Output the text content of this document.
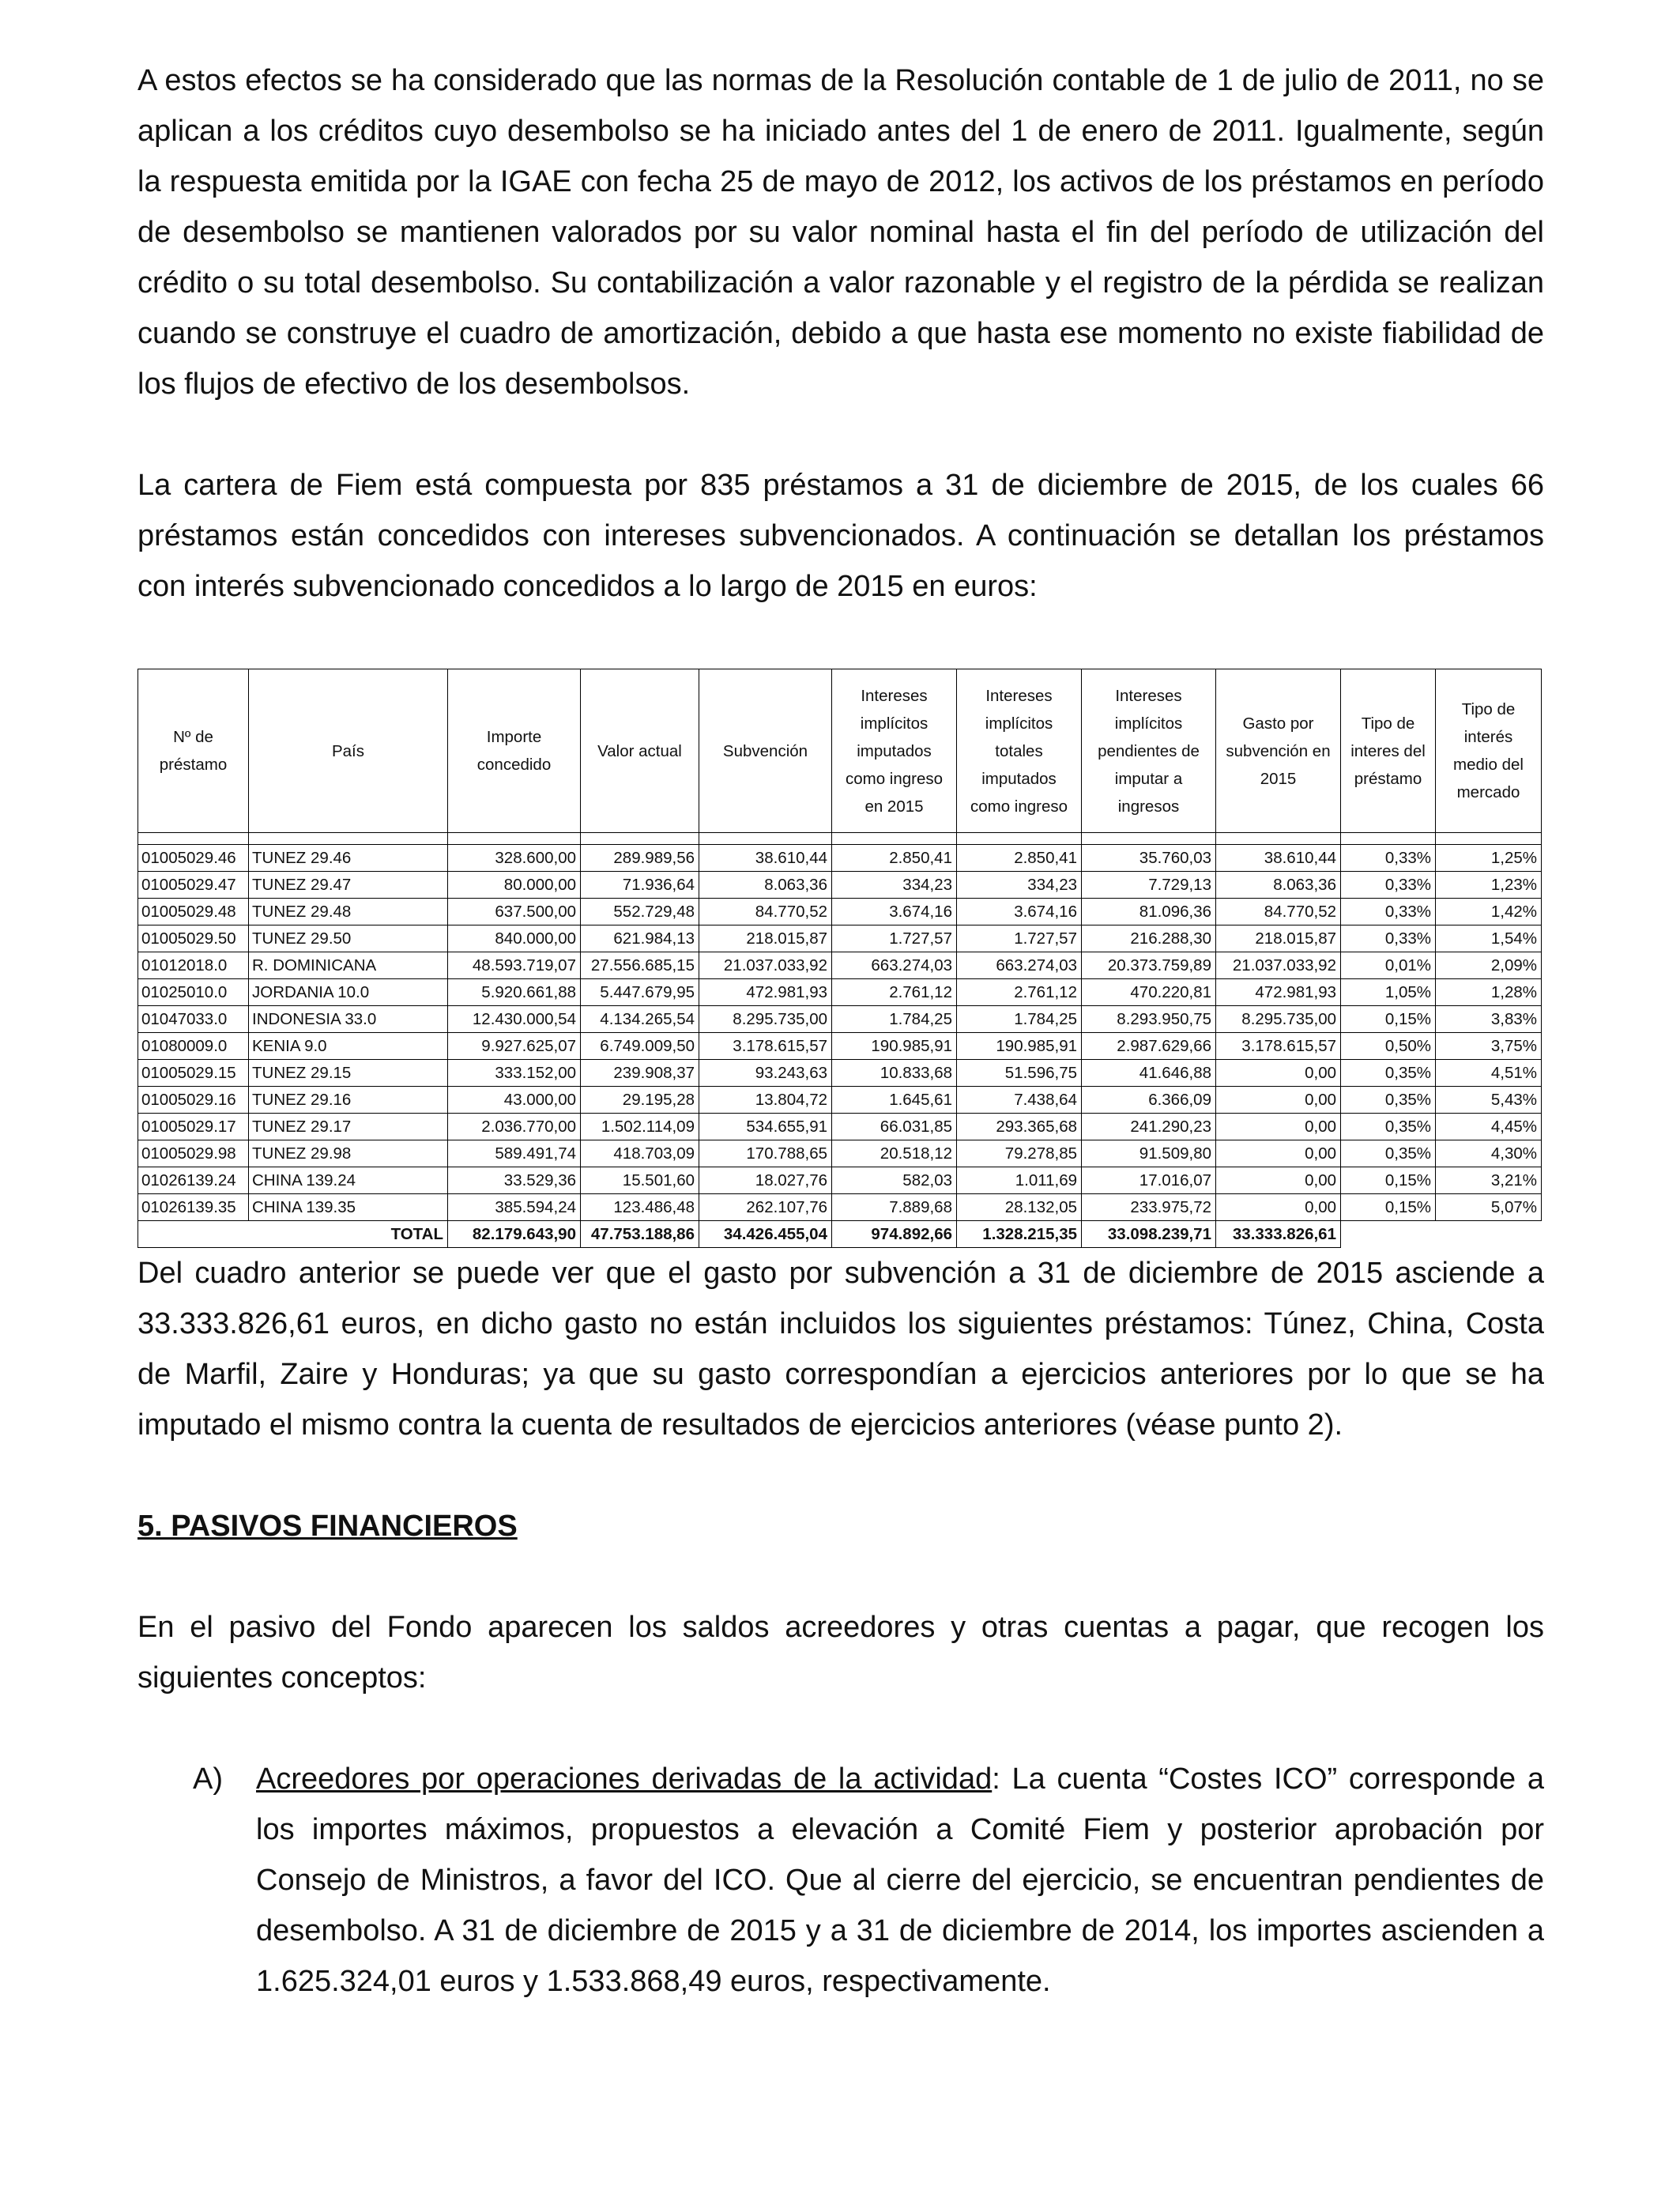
A estos efectos se ha considerado que las normas de la Resolución contable de 1 de julio de 2011, no se aplican a los créditos cuyo desembolso se ha iniciado antes del 1 de enero de 2011. Igualmente, según la respuesta emitida por la IGAE con fecha 25 de mayo de 2012, los activos de los préstamos en período de desembolso se mantienen valorados por su valor nominal hasta el fin del período de utilización del crédito o su total desembolso. Su contabilización a valor razonable y el registro de la pérdida se realizan cuando se construye el cuadro de amortización, debido a que hasta ese momento no existe fiabilidad de los flujos de efectivo de los desembolsos.

La cartera de Fiem está compuesta por 835 préstamos a 31 de diciembre de 2015, de los cuales 66 préstamos están concedidos con intereses subvencionados. A continuación se detallan los préstamos con interés subvencionado concedidos a lo largo de 2015 en euros:

Nº de préstamo	País	Importe concedido	Valor actual	Subvención	Intereses implícitos imputados como ingreso en 2015	Intereses implícitos totales imputados como ingreso	Intereses implícitos pendientes de imputar a ingresos	Gasto por subvención en 2015	Tipo de interes del préstamo	Tipo de interés medio del mercado

01005029.46	TUNEZ 29.46	328.600,00	289.989,56	38.610,44	2.850,41	2.850,41	35.760,03	38.610,44	0,33%	1,25%
01005029.47	TUNEZ 29.47	80.000,00	71.936,64	8.063,36	334,23	334,23	7.729,13	8.063,36	0,33%	1,23%
01005029.48	TUNEZ 29.48	637.500,00	552.729,48	84.770,52	3.674,16	3.674,16	81.096,36	84.770,52	0,33%	1,42%
01005029.50	TUNEZ 29.50	840.000,00	621.984,13	218.015,87	1.727,57	1.727,57	216.288,30	218.015,87	0,33%	1,54%
01012018.0	R. DOMINICANA	48.593.719,07	27.556.685,15	21.037.033,92	663.274,03	663.274,03	20.373.759,89	21.037.033,92	0,01%	2,09%
01025010.0	JORDANIA 10.0	5.920.661,88	5.447.679,95	472.981,93	2.761,12	2.761,12	470.220,81	472.981,93	1,05%	1,28%
01047033.0	INDONESIA 33.0	12.430.000,54	4.134.265,54	8.295.735,00	1.784,25	1.784,25	8.293.950,75	8.295.735,00	0,15%	3,83%
01080009.0	KENIA 9.0	9.927.625,07	6.749.009,50	3.178.615,57	190.985,91	190.985,91	2.987.629,66	3.178.615,57	0,50%	3,75%
01005029.15	TUNEZ 29.15	333.152,00	239.908,37	93.243,63	10.833,68	51.596,75	41.646,88	0,00	0,35%	4,51%
01005029.16	TUNEZ 29.16	43.000,00	29.195,28	13.804,72	1.645,61	7.438,64	6.366,09	0,00	0,35%	5,43%
01005029.17	TUNEZ 29.17	2.036.770,00	1.502.114,09	534.655,91	66.031,85	293.365,68	241.290,23	0,00	0,35%	4,45%
01005029.98	TUNEZ 29.98	589.491,74	418.703,09	170.788,65	20.518,12	79.278,85	91.509,80	0,00	0,35%	4,30%
01026139.24	CHINA 139.24	33.529,36	15.501,60	18.027,76	582,03	1.011,69	17.016,07	0,00	0,15%	3,21%
01026139.35	CHINA 139.35	385.594,24	123.486,48	262.107,76	7.889,68	28.132,05	233.975,72	0,00	0,15%	5,07%
TOTAL		82.179.643,90	47.753.188,86	34.426.455,04	974.892,66	1.328.215,35	33.098.239,71	33.333.826,61		

Del cuadro anterior se puede ver que el gasto por subvención a 31 de diciembre de 2015 asciende a 33.333.826,61 euros, en dicho gasto no están incluidos los siguientes préstamos: Túnez, China, Costa de Marfil, Zaire y Honduras; ya que su gasto correspondían a ejercicios anteriores por lo que se ha imputado el mismo contra la cuenta de resultados de ejercicios anteriores (véase punto 2).

5. PASIVOS FINANCIEROS

En el pasivo del Fondo aparecen los saldos acreedores y otras cuentas a pagar, que recogen los siguientes conceptos:

A)	Acreedores por operaciones derivadas de la actividad: La cuenta “Costes ICO” corresponde a los importes máximos, propuestos a elevación a Comité Fiem y posterior aprobación por Consejo de Ministros, a favor del ICO. Que al cierre del ejercicio, se encuentran pendientes de desembolso. A 31 de diciembre de 2015 y a 31 de diciembre de 2014, los importes ascienden a 1.625.324,01 euros y 1.533.868,49 euros, respectivamente.
